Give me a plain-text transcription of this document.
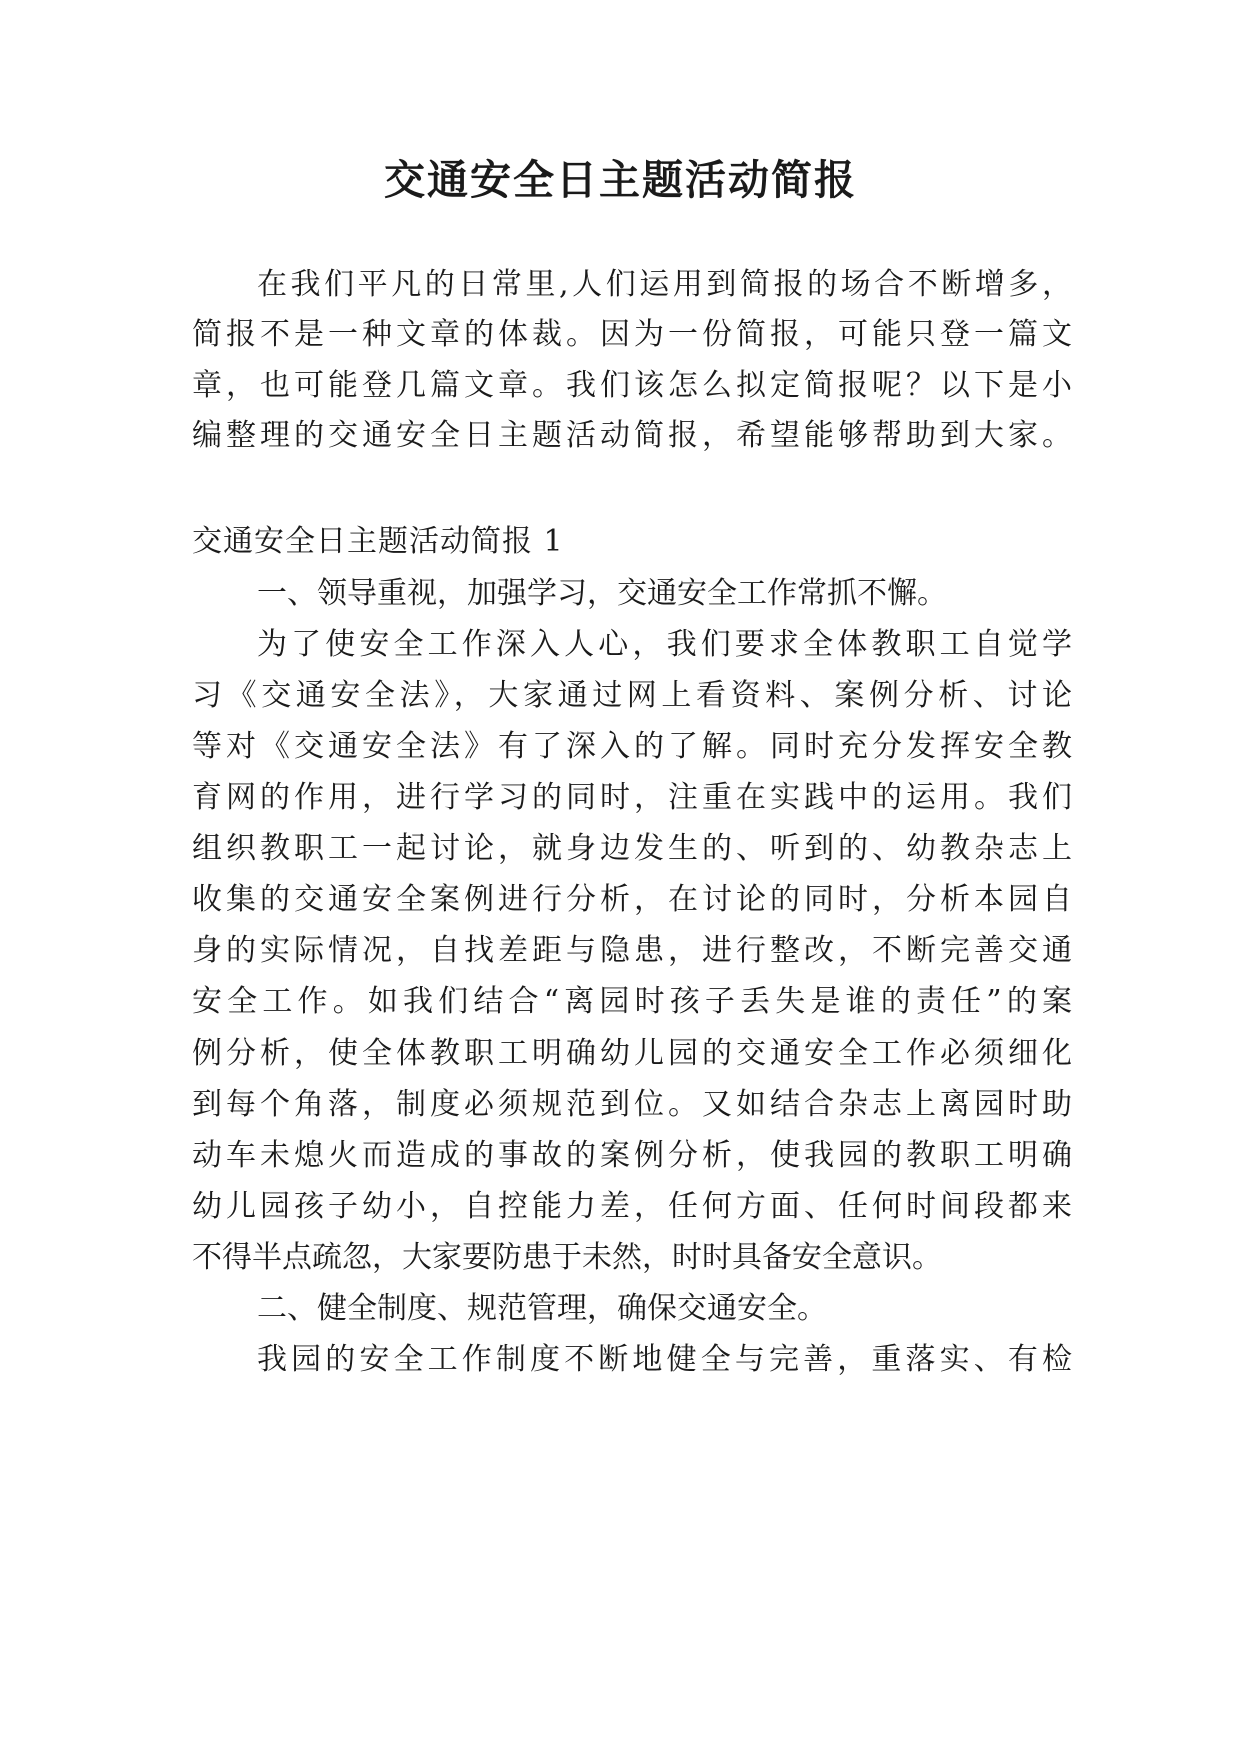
交通安全日主题活动简报

在我们平凡的日常里,人们运用到简报的场合不断增多，

简报不是一种文章的体裁。因为一份简报，可能只登一篇文

章，也可能登几篇文章。我们该怎么拟定简报呢？以下是小

编整理的交通安全日主题活动简报，希望能够帮助到大家。

交通安全日主题活动简报 1

一、领导重视，加强学习，交通安全工作常抓不懈。

为了使安全工作深入人心，我们要求全体教职工自觉学

习《交通安全法》，大家通过网上看资料、案例分析、讨论

等对《交通安全法》有了深入的了解。同时充分发挥安全教

育网的作用，进行学习的同时，注重在实践中的运用。我们

组织教职工一起讨论，就身边发生的、听到的、幼教杂志上

收集的交通安全案例进行分析，在讨论的同时，分析本园自

身的实际情况，自找差距与隐患，进行整改，不断完善交通

安全工作。如我们结合“离园时孩子丢失是谁的责任”的案

例分析，使全体教职工明确幼儿园的交通安全工作必须细化

到每个角落，制度必须规范到位。又如结合杂志上离园时助

动车未熄火而造成的事故的案例分析，使我园的教职工明确

幼儿园孩子幼小，自控能力差，任何方面、任何时间段都来

不得半点疏忽，大家要防患于未然，时时具备安全意识。

二、健全制度、规范管理，确保交通安全。

我园的安全工作制度不断地健全与完善，重落实、有检
